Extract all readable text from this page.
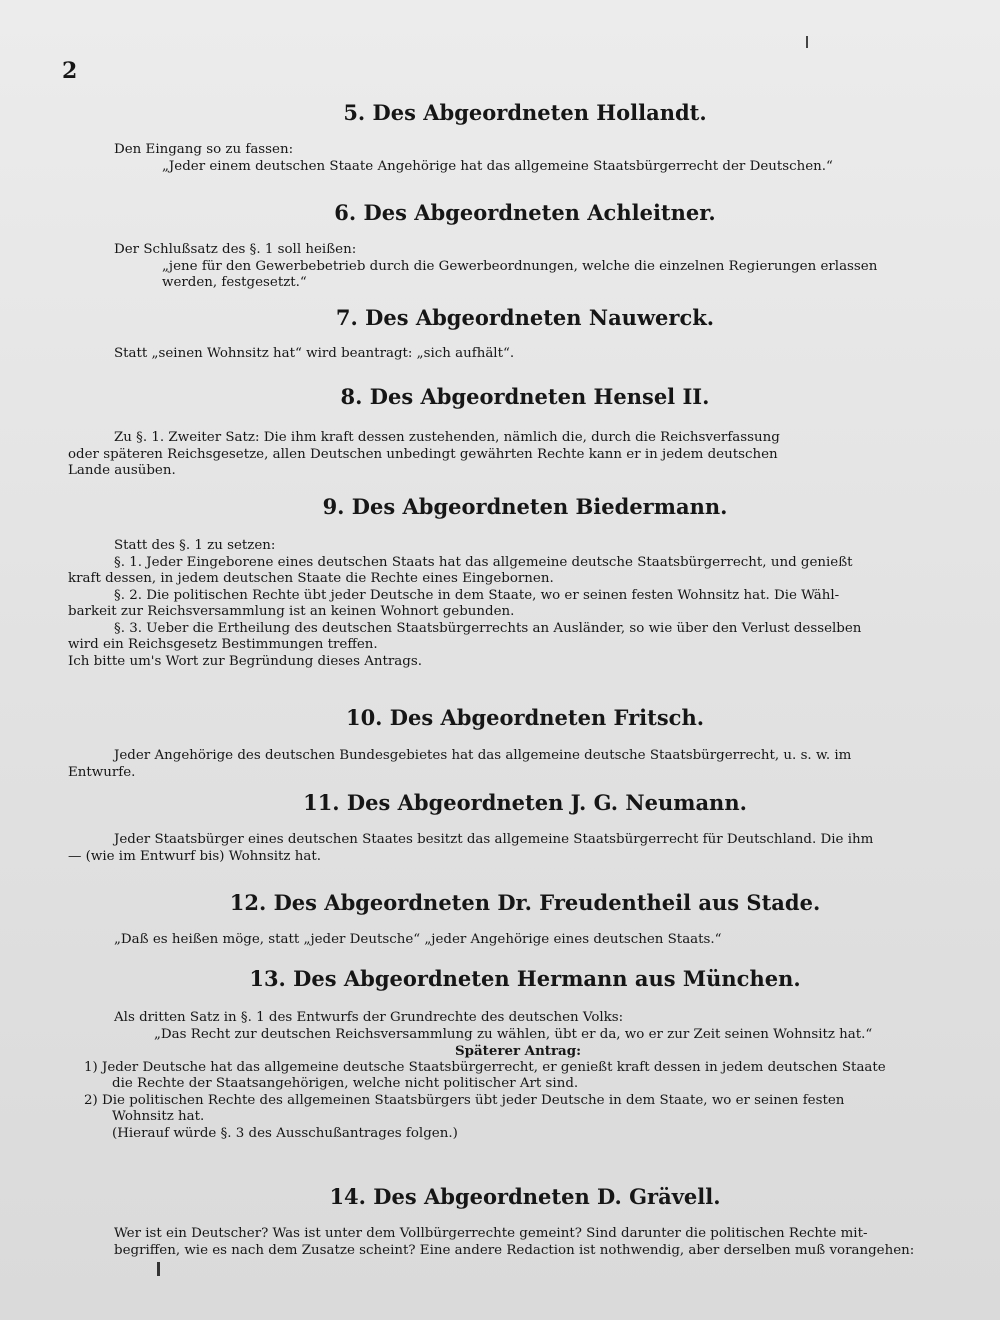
2
5. Des Abgeordneten Hollandt.
Den Eingang so zu fassen:
„Jeder einem deutschen Staate Angehörige hat das allgemeine Staatsbürgerrecht der Deutschen.“
6. Des Abgeordneten Achleitner.
Der Schlußsatz des §. 1 soll heißen:
„jene für den Gewerbebetrieb durch die Gewerbeordnungen, welche die einzelnen Regierungen erlassen
werden, festgesetzt.“
7. Des Abgeordneten Nauwerck.
Statt „seinen Wohnsitz hat“ wird beantragt: „sich aufhält“.
8. Des Abgeordneten Hensel II.
Zu §. 1. Zweiter Satz: Die ihm kraft dessen zustehenden, nämlich die, durch die Reichsverfassung
oder späteren Reichsgesetze, allen Deutschen unbedingt gewährten Rechte kann er in jedem deutschen
Lande ausüben.
9. Des Abgeordneten Biedermann.
Statt des §. 1 zu setzen:
§. 1. Jeder Eingeborene eines deutschen Staats hat das allgemeine deutsche Staatsbürgerrecht, und genießt
kraft dessen, in jedem deutschen Staate die Rechte eines Eingebornen.
§. 2. Die politischen Rechte übt jeder Deutsche in dem Staate, wo er seinen festen Wohnsitz hat. Die Wähl-
barkeit zur Reichsversammlung ist an keinen Wohnort gebunden.
§. 3. Ueber die Ertheilung des deutschen Staatsbürgerrechts an Ausländer, so wie über den Verlust desselben
wird ein Reichsgesetz Bestimmungen treffen.
Ich bitte um's Wort zur Begründung dieses Antrags.
10. Des Abgeordneten Fritsch.
Jeder Angehörige des deutschen Bundesgebietes hat das allgemeine deutsche Staatsbürgerrecht, u. s. w. im
Entwurfe.
11. Des Abgeordneten J. G. Neumann.
Jeder Staatsbürger eines deutschen Staates besitzt das allgemeine Staatsbürgerrecht für Deutschland. Die ihm
— (wie im Entwurf bis) Wohnsitz hat.
12. Des Abgeordneten Dr. Freudentheil aus Stade.
„Daß es heißen möge, statt „jeder Deutsche“ „jeder Angehörige eines deutschen Staats.“
13. Des Abgeordneten Hermann aus München.
Als dritten Satz in §. 1 des Entwurfs der Grundrechte des deutschen Volks:
„Das Recht zur deutschen Reichsversammlung zu wählen, übt er da, wo er zur Zeit seinen Wohnsitz hat.“
Späterer Antrag:
1) Jeder Deutsche hat das allgemeine deutsche Staatsbürgerrecht, er genießt kraft dessen in jedem deutschen Staate
die Rechte der Staatsangehörigen, welche nicht politischer Art sind.
2) Die politischen Rechte des allgemeinen Staatsbürgers übt jeder Deutsche in dem Staate, wo er seinen festen
Wohnsitz hat.
(Hierauf würde §. 3 des Ausschußantrages folgen.)
14. Des Abgeordneten D. Grävell.
Wer ist ein Deutscher? Was ist unter dem Vollbürgerrechte gemeint? Sind darunter die politischen Rechte mit-
begriffen, wie es nach dem Zusatze scheint? Eine andere Redaction ist nothwendig, aber derselben muß vorangehen:
